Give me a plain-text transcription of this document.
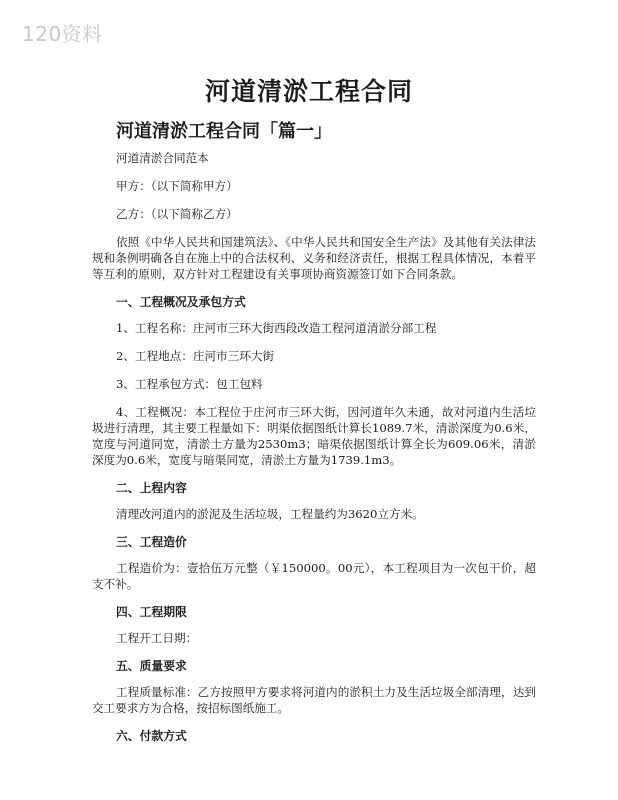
120资料
河道清淤工程合同
河道清淤工程合同「篇一」

河道清淤合同范本

甲方：（以下简称甲方）

乙方：（以下简称乙方）

依照《中华人民共和国建筑法》、《中华人民共和国安全生产法》及其他有关法律法规和条例明确各自在施上中的合法权利、义务和经济责任，根据工程具体情况，本着平等互利的原则，双方针对工程建设有关事项协商资源签订如下合同条款。

一、工程概况及承包方式

1、工程名称：庄河市三环大街西段改造工程河道清淤分部工程

2、工程地点：庄河市三环大街

3、工程承包方式：包工包料

4、工程概况：本工程位于庄河市三环大街，因河道年久未通，故对河道内生活垃圾进行清理，其主要工程量如下：明渠依据图纸计算长1089.7米，清淤深度为0.6米，宽度与河道同宽，清淤土方量为2530m3；暗渠依据图纸计算全长为609.06米，清淤深度为0.6米，宽度与暗渠同宽，清淤土方量为1739.1m3。

二、上程内容

清理改河道内的淤泥及生活垃圾，工程量约为3620立方米。

三、工程造价

工程造价为：壹拾伍万元整（￥150000。00元），本工程项目为一次包干价，超支不补。

四、工程期限

工程开工日期：

五、质量要求

工程质量标准：乙方按照甲方要求将河道内的淤积土力及生活垃圾全部清理，达到交工要求方为合格，按招标图纸施工。

六、付款方式
